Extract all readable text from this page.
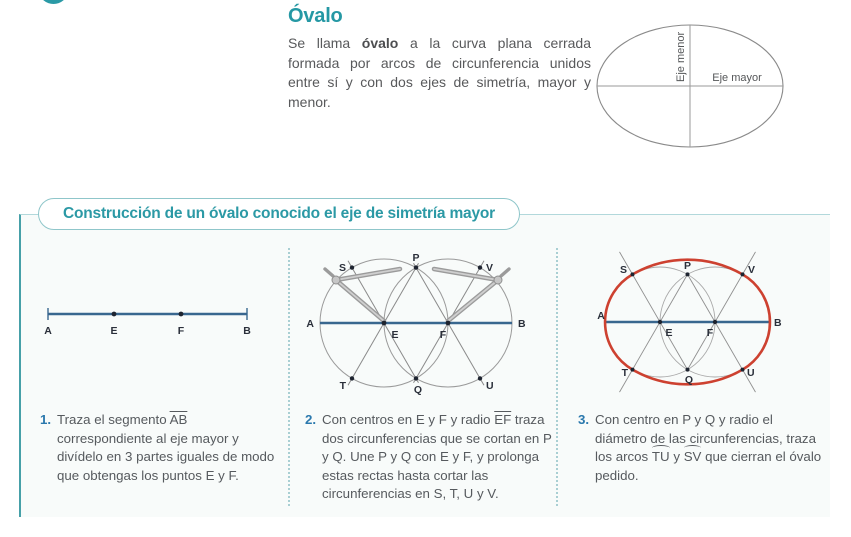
Óvalo
Se llama óvalo a la curva plana cerrada formada por arcos de circunferencia unidos entre sí y con dos ejes de simetría, mayor y menor.
Eje menor Eje mayor
Construcción de un óvalo conocido el eje de simetría mayor
A	E	F	B
S
P
V
A
E	F
B
T	Q	U
S	P	V
A
E	F
B
T
Q
U
1. Traza el segmento $\overline{AB}$ correspondiente al eje mayor y divídelo en 3 partes iguales de modo que obtengas los puntos E y F.
2. Con centros en E y F y radio $\overline{EF}$ traza dos circunferencias que se cortan en P y Q. Une P y Q con E y F, y prolonga estas rectas hasta cortar las circunferencias en S, T, U y V.
3. Con centro en P y Q y radio el diámetro de las circunferencias, traza los arcos TU y SV que cierran el óvalo pedido.
